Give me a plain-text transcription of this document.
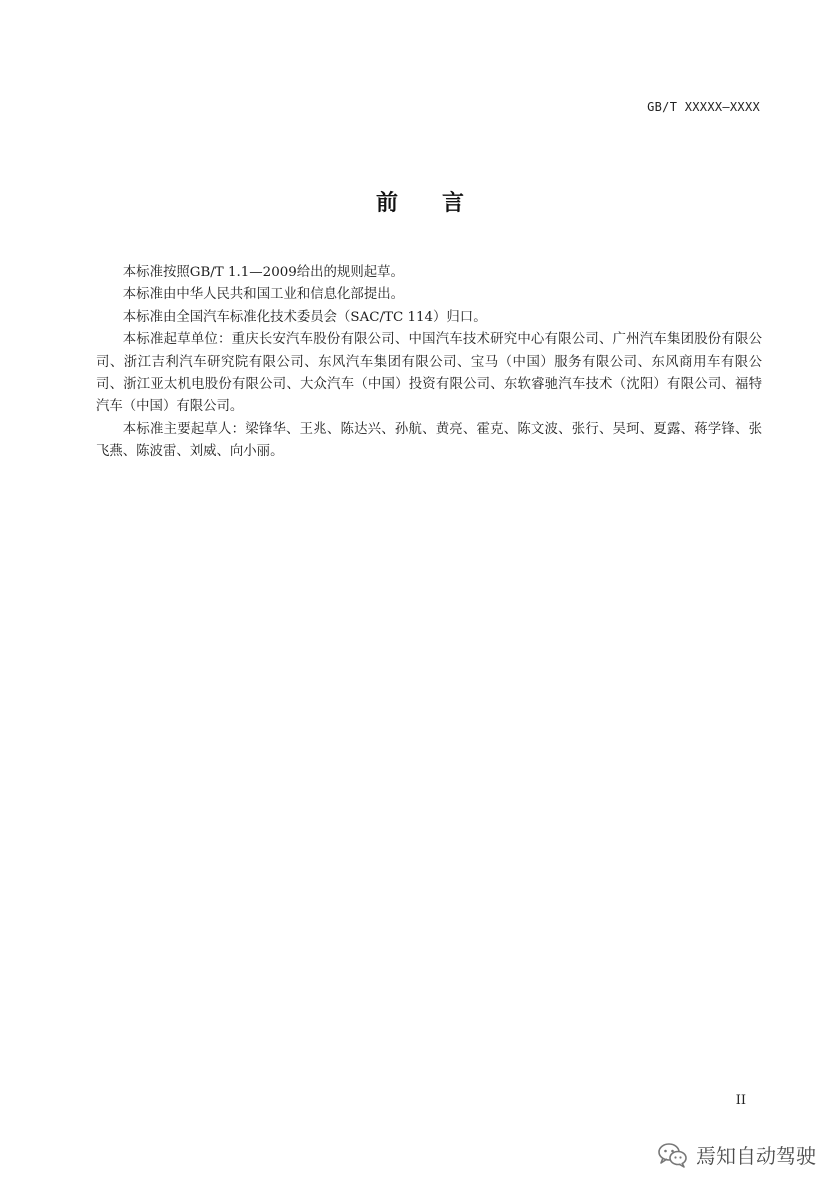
GB/T XXXXX—XXXX
前 言

本标准按照GB/T 1.1—2009给出的规则起草。

本标准由中华人民共和国工业和信息化部提出。

本标准由全国汽车标准化技术委员会（SAC/TC 114）归口。

本标准起草单位：重庆长安汽车股份有限公司、中国汽车技术研究中心有限公司、广州汽车集团股份有限公司、浙江吉利汽车研究院有限公司、东风汽车集团有限公司、宝马（中国）服务有限公司、东风商用车有限公司、浙江亚太机电股份有限公司、大众汽车（中国）投资有限公司、东软睿驰汽车技术（沈阳）有限公司、福特汽车（中国）有限公司。

本标准主要起草人：梁锋华、王兆、陈达兴、孙航、黄亮、霍克、陈文波、张行、吴珂、夏露、蒋学锋、张飞燕、陈波雷、刘威、向小丽。

II
焉知自动驾驶
